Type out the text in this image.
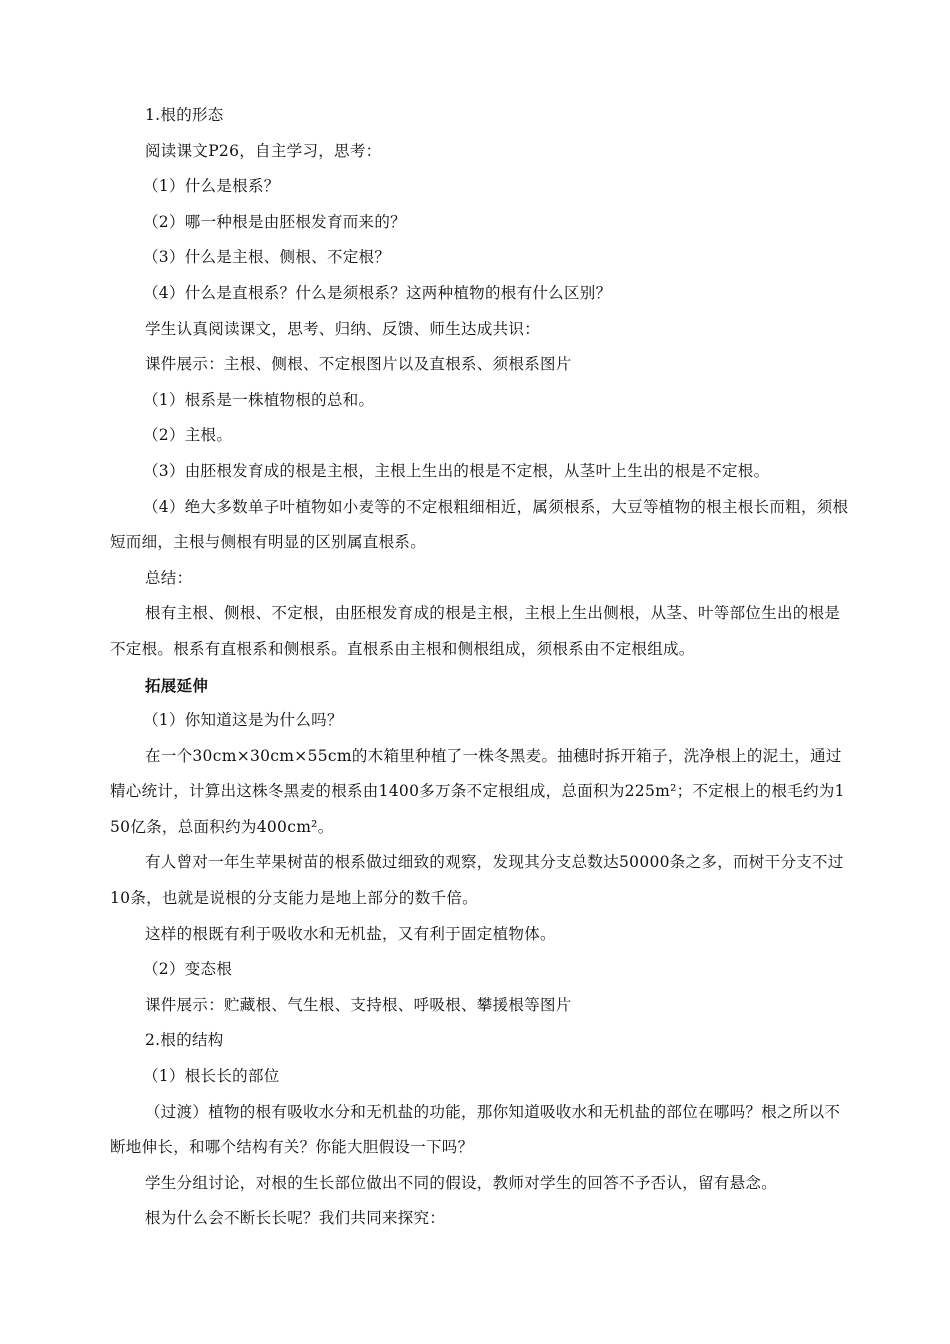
1.根的形态

阅读课文P26，自主学习，思考：

（1）什么是根系？

（2）哪一种根是由胚根发育而来的？

（3）什么是主根、侧根、不定根？

（4）什么是直根系？什么是须根系？这两种植物的根有什么区别？

学生认真阅读课文，思考、归纳、反馈、师生达成共识：

课件展示：主根、侧根、不定根图片以及直根系、须根系图片

（1）根系是一株植物根的总和。

（2）主根。

（3）由胚根发育成的根是主根，主根上生出的根是不定根，从茎叶上生出的根是不定根。

（4）绝大多数单子叶植物如小麦等的不定根粗细相近，属须根系，大豆等植物的根主根长而粗，须根短而细，主根与侧根有明显的区别属直根系。

总结：

根有主根、侧根、不定根，由胚根发育成的根是主根，主根上生出侧根，从茎、叶等部位生出的根是不定根。根系有直根系和侧根系。直根系由主根和侧根组成，须根系由不定根组成。

拓展延伸

（1）你知道这是为什么吗？

在一个30cm×30cm×55cm的木箱里种植了一株冬黑麦。抽穗时拆开箱子，洗净根上的泥土，通过精心统计，计算出这株冬黑麦的根系由1400多万条不定根组成，总面积为225m²；不定根上的根毛约为150亿条，总面积约为400cm²。

有人曾对一年生苹果树苗的根系做过细致的观察，发现其分支总数达50000条之多，而树干分支不过10条，也就是说根的分支能力是地上部分的数千倍。

这样的根既有利于吸收水和无机盐，又有利于固定植物体。

（2）变态根

课件展示：贮藏根、气生根、支持根、呼吸根、攀援根等图片

2.根的结构

（1）根长长的部位

（过渡）植物的根有吸收水分和无机盐的功能，那你知道吸收水和无机盐的部位在哪吗？根之所以不断地伸长，和哪个结构有关？你能大胆假设一下吗？

学生分组讨论，对根的生长部位做出不同的假设，教师对学生的回答不予否认，留有悬念。

根为什么会不断长长呢？我们共同来探究：
